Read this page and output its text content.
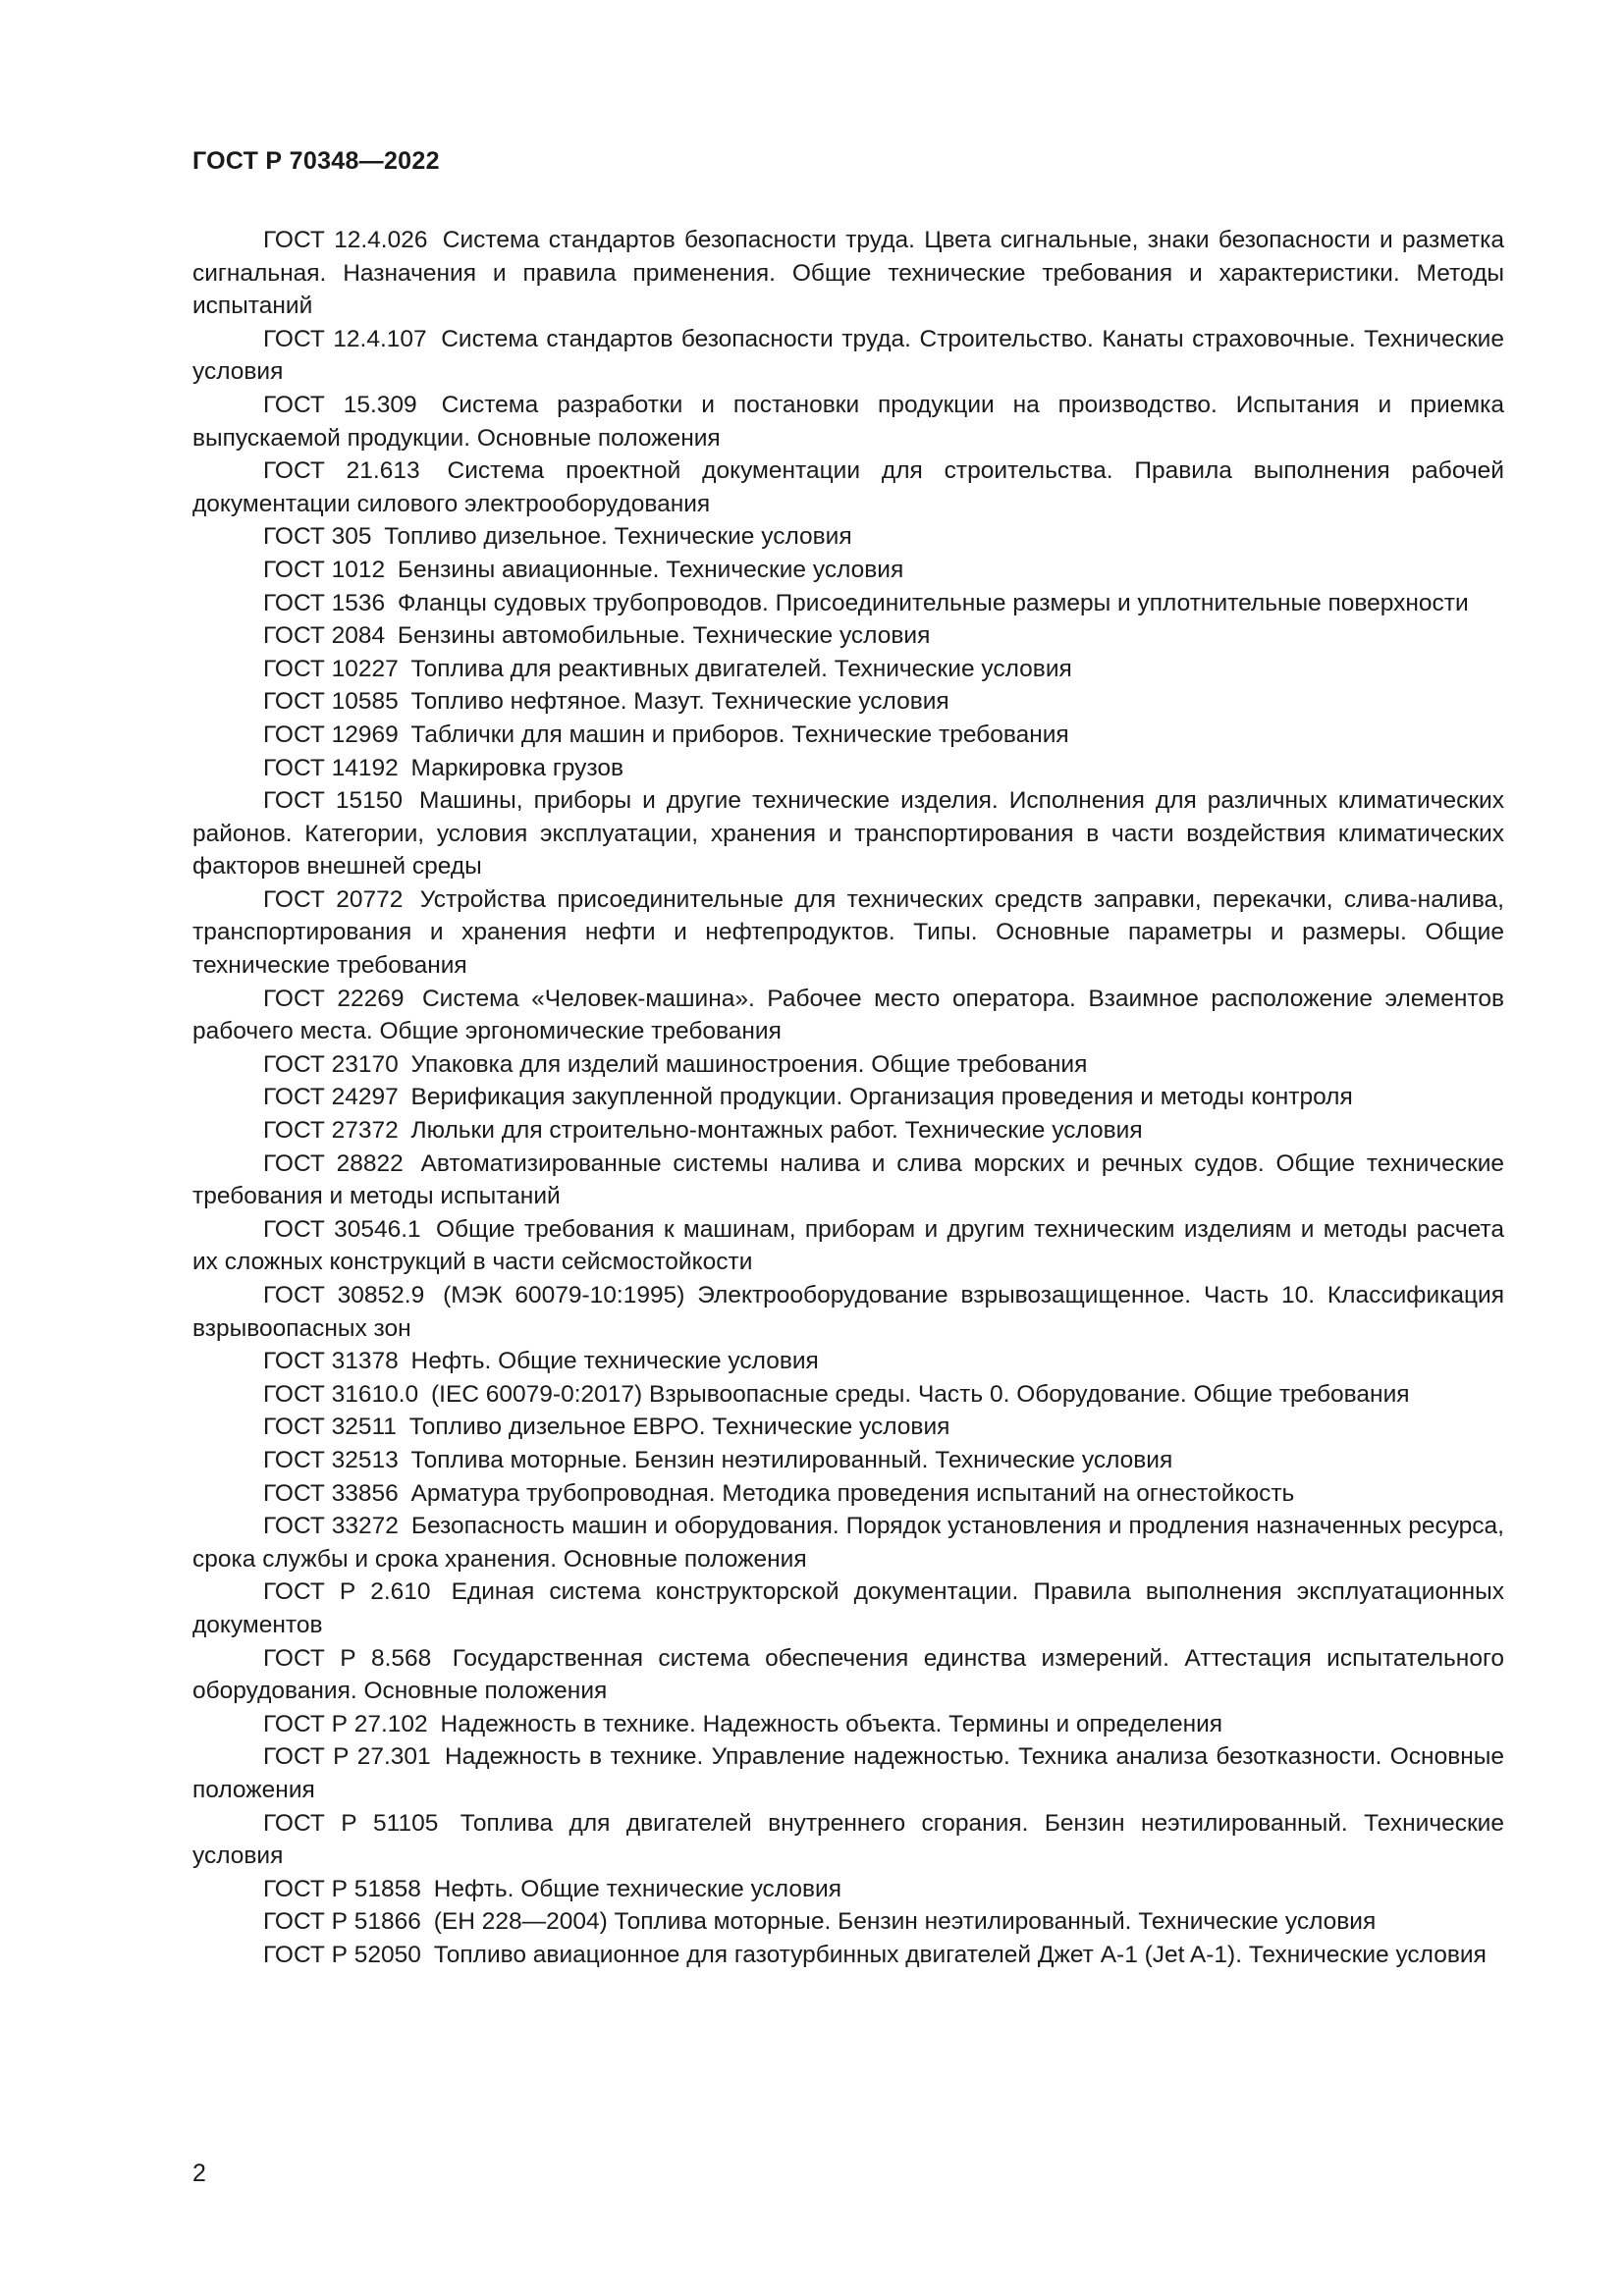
ГОСТ Р 70348—2022

ГОСТ 12.4.026 Система стандартов безопасности труда. Цвета сигнальные, знаки безопасности и разметка сигнальная. Назначения и правила применения. Общие технические требования и характеристики. Методы испытаний

ГОСТ 12.4.107 Система стандартов безопасности труда. Строительство. Канаты страховочные. Технические условия

ГОСТ 15.309 Система разработки и постановки продукции на производство. Испытания и приемка выпускаемой продукции. Основные положения

ГОСТ 21.613 Система проектной документации для строительства. Правила выполнения рабочей документации силового электрооборудования

ГОСТ 305 Топливо дизельное. Технические условия

ГОСТ 1012 Бензины авиационные. Технические условия

ГОСТ 1536 Фланцы судовых трубопроводов. Присоединительные размеры и уплотнительные поверхности

ГОСТ 2084 Бензины автомобильные. Технические условия

ГОСТ 10227 Топлива для реактивных двигателей. Технические условия

ГОСТ 10585 Топливо нефтяное. Мазут. Технические условия

ГОСТ 12969 Таблички для машин и приборов. Технические требования

ГОСТ 14192 Маркировка грузов

ГОСТ 15150 Машины, приборы и другие технические изделия. Исполнения для различных климатических районов. Категории, условия эксплуатации, хранения и транспортирования в части воздействия климатических факторов внешней среды

ГОСТ 20772 Устройства присоединительные для технических средств заправки, перекачки, слива-налива, транспортирования и хранения нефти и нефтепродуктов. Типы. Основные параметры и размеры. Общие технические требования

ГОСТ 22269 Система «Человек-машина». Рабочее место оператора. Взаимное расположение элементов рабочего места. Общие эргономические требования

ГОСТ 23170 Упаковка для изделий машиностроения. Общие требования

ГОСТ 24297 Верификация закупленной продукции. Организация проведения и методы контроля

ГОСТ 27372 Люльки для строительно-монтажных работ. Технические условия

ГОСТ 28822 Автоматизированные системы налива и слива морских и речных судов. Общие технические требования и методы испытаний

ГОСТ 30546.1 Общие требования к машинам, приборам и другим техническим изделиям и методы расчета их сложных конструкций в части сейсмостойкости

ГОСТ 30852.9 (МЭК 60079-10:1995) Электрооборудование взрывозащищенное. Часть 10. Классификация взрывоопасных зон

ГОСТ 31378 Нефть. Общие технические условия

ГОСТ 31610.0 (IEC 60079-0:2017) Взрывоопасные среды. Часть 0. Оборудование. Общие требования

ГОСТ 32511 Топливо дизельное ЕВРО. Технические условия

ГОСТ 32513 Топлива моторные. Бензин неэтилированный. Технические условия

ГОСТ 33856 Арматура трубопроводная. Методика проведения испытаний на огнестойкость

ГОСТ 33272 Безопасность машин и оборудования. Порядок установления и продления назначенных ресурса, срока службы и срока хранения. Основные положения

ГОСТ Р 2.610 Единая система конструкторской документации. Правила выполнения эксплуатационных документов

ГОСТ Р 8.568 Государственная система обеспечения единства измерений. Аттестация испытательного оборудования. Основные положения

ГОСТ Р 27.102 Надежность в технике. Надежность объекта. Термины и определения

ГОСТ Р 27.301 Надежность в технике. Управление надежностью. Техника анализа безотказности. Основные положения

ГОСТ Р 51105 Топлива для двигателей внутреннего сгорания. Бензин неэтилированный. Технические условия

ГОСТ Р 51858 Нефть. Общие технические условия

ГОСТ Р 51866 (ЕН 228—2004) Топлива моторные. Бензин неэтилированный. Технические условия

ГОСТ Р 52050 Топливо авиационное для газотурбинных двигателей Джет А-1 (Jet A-1). Технические условия

2
